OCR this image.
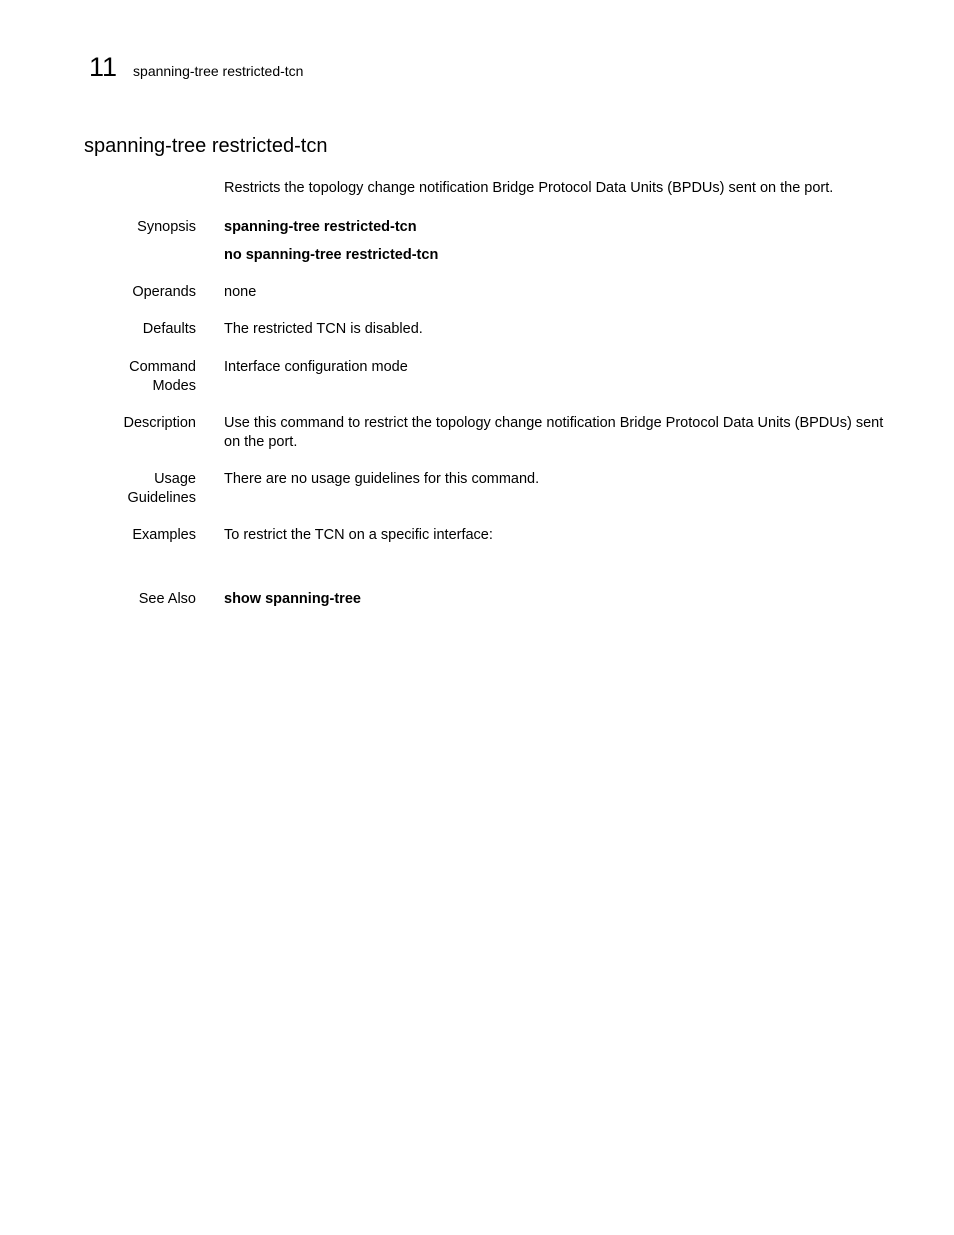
11 spanning-tree restricted-tcn
spanning-tree restricted-tcn
Restricts the topology change notification Bridge Protocol Data Units (BPDUs) sent on the port.
Synopsis spanning-tree restricted-tcn
no spanning-tree restricted-tcn
Operands none
Defaults The restricted TCN is disabled.
Command
Modes
Interface configuration mode
Description Use this command to restrict the topology change notification Bridge Protocol Data Units (BPDUs) sent on the port.
Usage
Guidelines
There are no usage guidelines for this command.
Examples To restrict the TCN on a specific interface:
See Also show spanning-tree
